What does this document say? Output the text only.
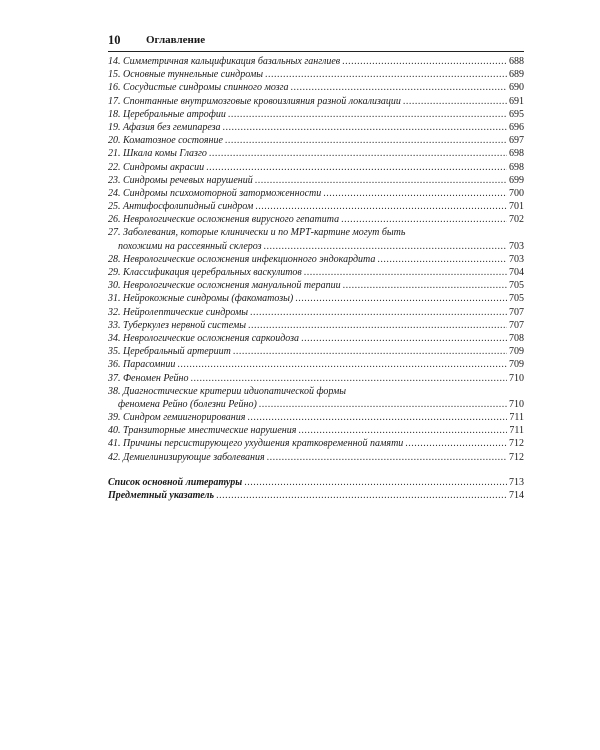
10 Оглавление
14. Симметричная кальцификация базальных ганглиев .....	688
15. Основные туннельные синдромы .....	689
16. Сосудистые синдромы спинного мозга .....	690
17. Спонтанные внутримозговые кровоизлияния разной локализации .....	691
18. Церебральные атрофии .....	695
19. Афазия без гемипареза .....	696
20. Коматозное состояние .....	697
21. Шкала комы Глазго .....	698
22. Синдромы акрасии .....	698
23. Синдромы речевых нарушений .....	699
24. Синдромы психомоторной заторможенности .....	700
25. Антифосфолипидный синдром .....	701
26. Неврологические осложнения вирусного гепатита .....	702
27. Заболевания, которые клинически и по МРТ-картине могут быть
похожими на рассеянный склероз .....	703
28. Неврологические осложнения инфекционного эндокардита .....	703
29. Классификация церебральных васкулитов .....	704
30. Неврологические осложнения мануальной терапии .....	705
31. Нейрокожные синдромы (факоматозы) .....	705
32. Нейролептические синдромы .....	707
33. Туберкулез нервной системы .....	707
34. Неврологические осложнения саркоидоза .....	708
35. Церебральный артериит .....	709
36. Парасомнии .....	709
37. Феномен Рейно .....	710
38. Диагностические критерии идиопатической формы
феномена Рейно (болезни Рейно) .....	710
39. Синдром гемиигнорирования .....	711
40. Транзиторные мнестические нарушения .....	711
41. Причины персистирующего ухудшения кратковременной памяти .....	712
42. Демиелинизирующие заболевания .....	712
Список основной литературы .....	713
Предметный указатель .....	714
